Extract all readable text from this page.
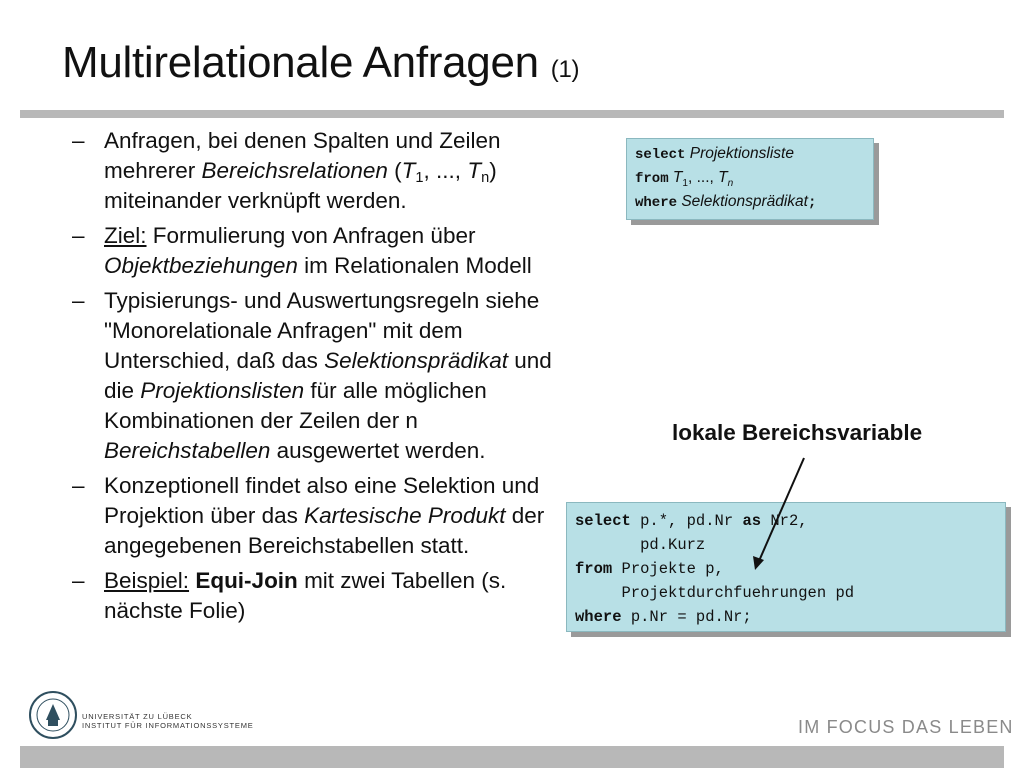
Multirelationale Anfragen (1)
– Anfragen, bei denen Spalten und Zeilen mehrerer Bereichsrelationen ($T_1$, ..., $T_n$) miteinander verknüpft werden.
– Ziel: Formulierung von Anfragen über Objektbeziehungen im Relationalen Modell
– Typisierungs- und Auswertungsregeln siehe "Monorelationale Anfragen" mit dem Unterschied, daß das Selektionsprädikat und die Projektionslisten für alle möglichen Kombinationen der Zeilen der n Bereichstabellen ausgewertet werden.
– Konzeptionell findet also eine Selektion und Projektion über das Kartesische Produkt der angegebenen Bereichstabellen statt.
– Beispiel: Equi-Join mit zwei Tabellen (s. nächste Folie)
select Projektionsliste
from $T_1$, ..., $T_n$
where Selektionsprädikat;
lokale Bereichsvariable
select p.*, pd.Nr as Nr2,
pd.Kurz
from Projekte p,
Projektdurchfuehrungen pd
where p.Nr = pd.Nr;
UNIVERSITÄT ZU LÜBECK
INSTITUT FÜR INFORMATIONSSYSTEME	IM FOCUS DAS LEBEN
